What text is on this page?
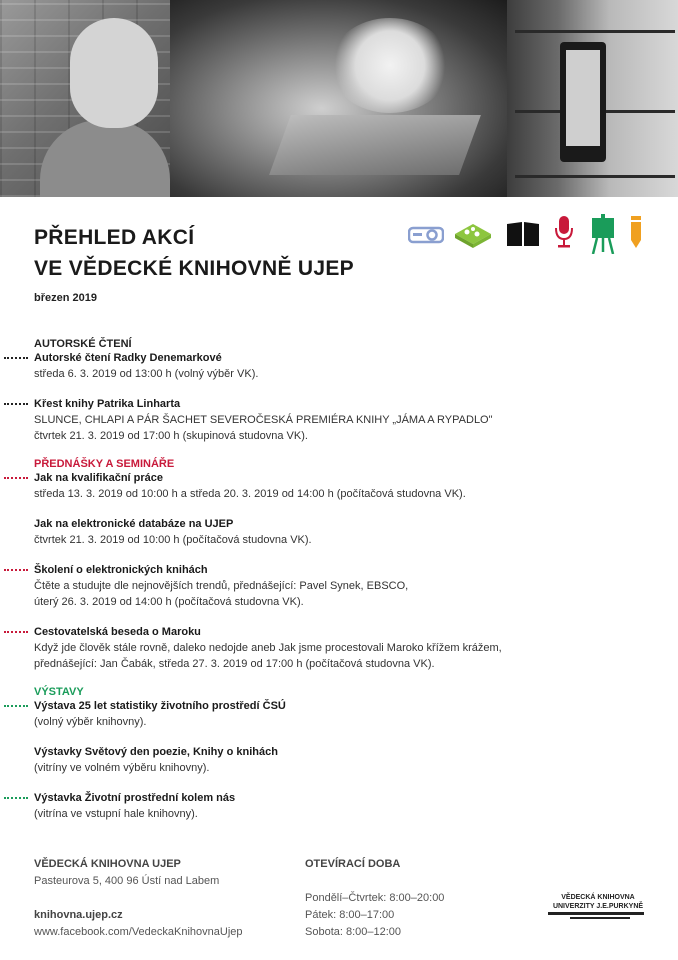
PŘEHLED AKCÍ
VE VĚDECKÉ KNIHOVNĚ UJEP
březen 2019
AUTORSKÉ ČTENÍ
Autorské čtení Radky Denemarkové
středa 6. 3. 2019 od 13:00 h (volný výběr VK).
Křest knihy Patrika Linharta
SLUNCE, CHLAPI A PÁR ŠACHET SEVEROČESKÁ PREMIÉRA KNIHY „JÁMA A RYPADLO"
čtvrtek 21. 3. 2019 od 17:00 h (skupinová studovna VK).
PŘEDNÁŠKY A SEMINÁŘE
Jak na kvalifikační práce
středa 13. 3. 2019 od 10:00 h a středa 20. 3. 2019 od 14:00 h (počítačová studovna VK).
Jak na elektronické databáze na UJEP
čtvrtek 21. 3. 2019 od 10:00 h (počítačová studovna VK).
Školení o elektronických knihách
Čtěte a studujte dle nejnovějších trendů, přednášející: Pavel Synek, EBSCO,
úterý 26. 3. 2019 od 14:00 h (počítačová studovna VK).
Cestovatelská beseda o Maroku
Když jde člověk stále rovně, daleko nedojde aneb Jak jsme procestovali Maroko křížem krážem,
přednášející: Jan Čabák, středa 27. 3. 2019 od 17:00 h (počítačová studovna VK).
VÝSTAVY
Výstava 25 let statistiky životního prostředí ČSÚ
(volný výběr knihovny).
Výstavky Světový den poezie, Knihy o knihách
(vitríny ve volném výběru knihovny).
Výstavka Životní prostřední kolem nás
(vitrína ve vstupní hale knihovny).
VĚDECKÁ KNIHOVNA UJEP
Pasteurova 5, 400 96 Ústí nad Labem
knihovna.ujep.cz
www.facebook.com/VedeckaKnihovnaUjep
OTEVÍRACÍ DOBA
Pondělí–Čtvrtek: 8:00–20:00
Pátek: 8:00–17:00
Sobota: 8:00–12:00
VĚDECKÁ KNIHOVNA
UNIVERZITY J.E.PURKYNĚ
